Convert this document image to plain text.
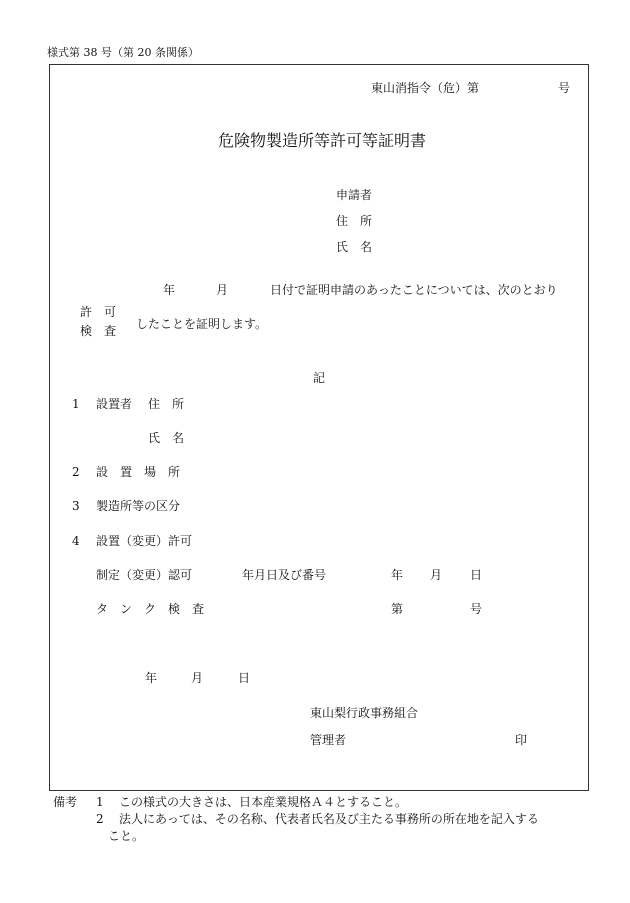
様式第 38 号（第 20 条関係）
東山消指令（危）第	号
危険物製造所等許可等証明書
申請者
住　所
氏　名
年	月	日付で証明申請のあったことについては、次のとおり
許　可
検　査 したことを証明します。
記
1 設置者 住　所
氏　名
2 設　置　場　所
3 製造所等の区分
4 設置（変更）許可
制定（変更）認可	年月日及び番号	年 月 日
タ　ン　ク　検　査	第	号
年	月	日
東山梨行政事務組合
管理者	印
備考 1 この様式の大きさは、日本産業規格Ａ４とすること。
2 法人にあっては、その名称、代表者氏名及び主たる事務所の所在地を記入する
こと。
